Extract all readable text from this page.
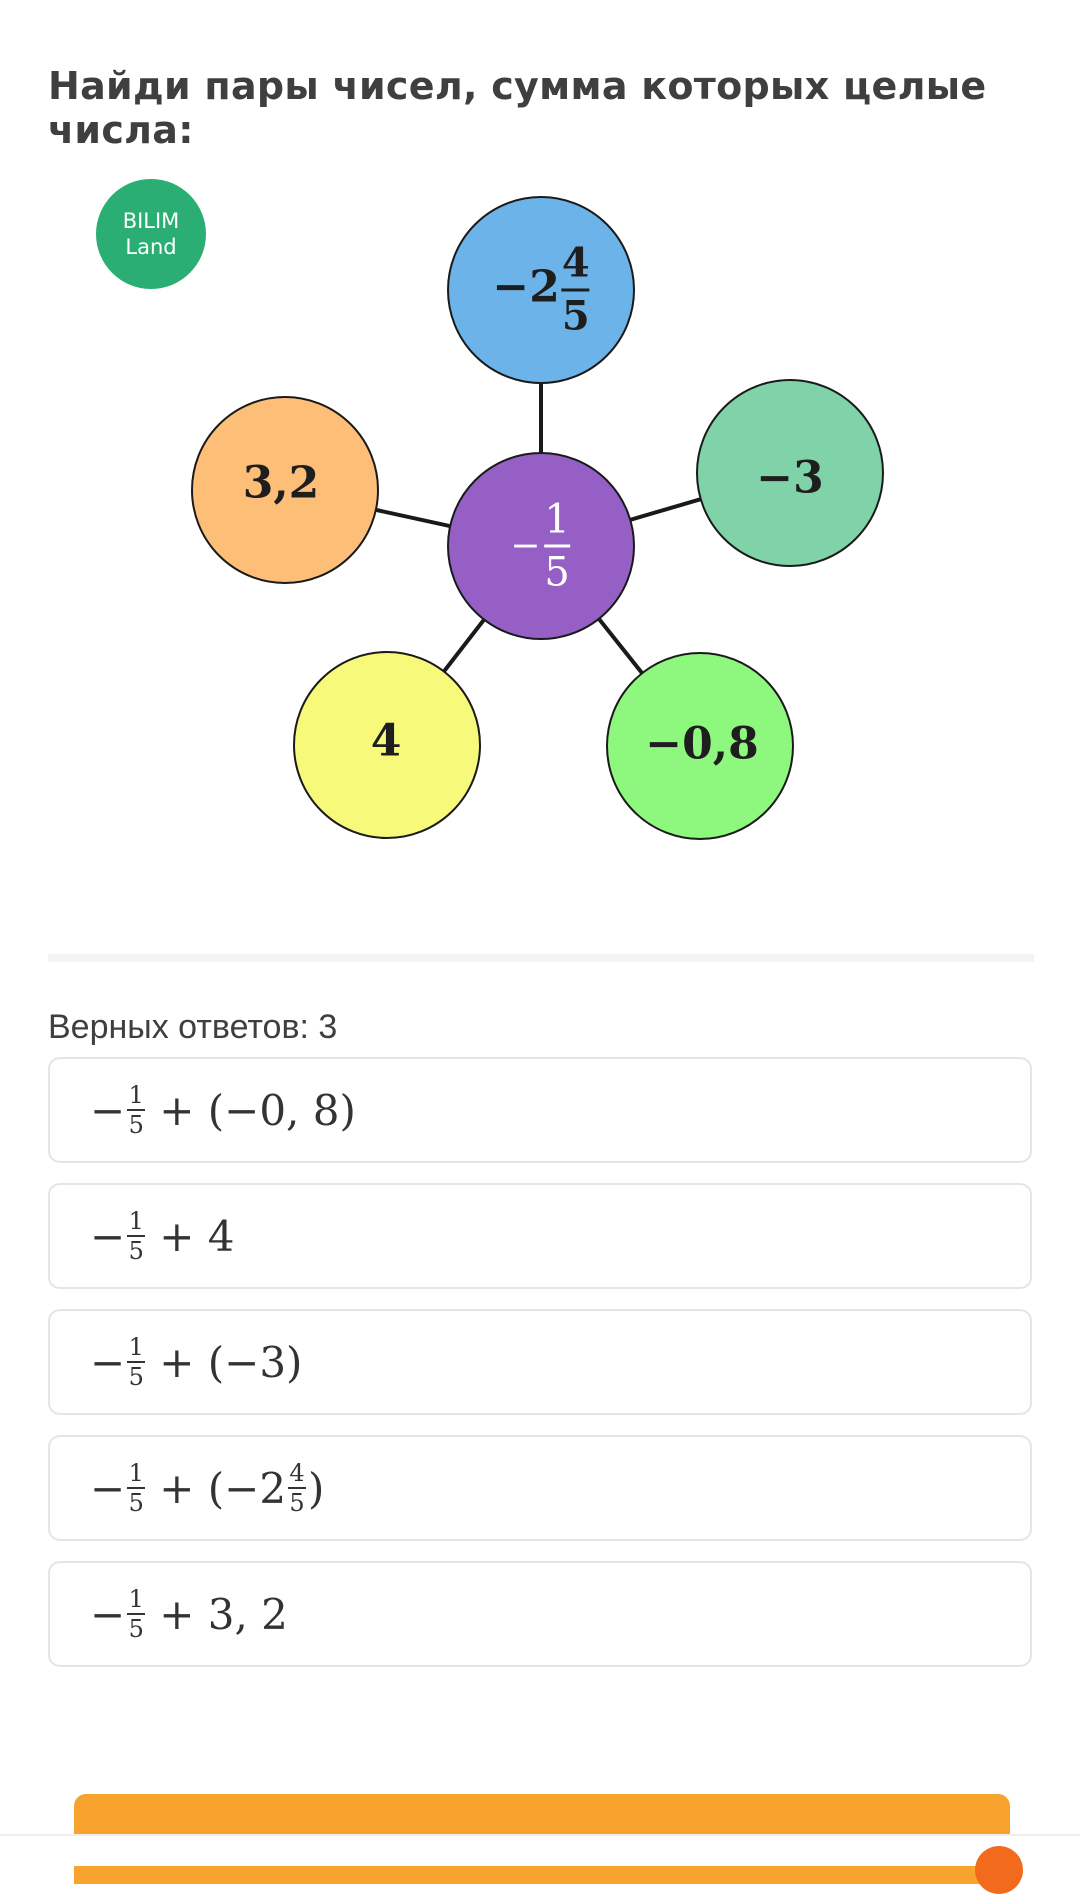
Найди пары чисел, сумма которых целые числа:
BILIM
Land
$-2 \frac{4}{5}$
−3
−0,8
4
3,2
− $\frac{1}{5}$
Верных ответов: 3
− 1
5 + (−0, 8)
− 1
5 + 4
− 1
5 + (−3)
− 1
5 + (−2 4
5 )
− 1
5 + 3, 2
